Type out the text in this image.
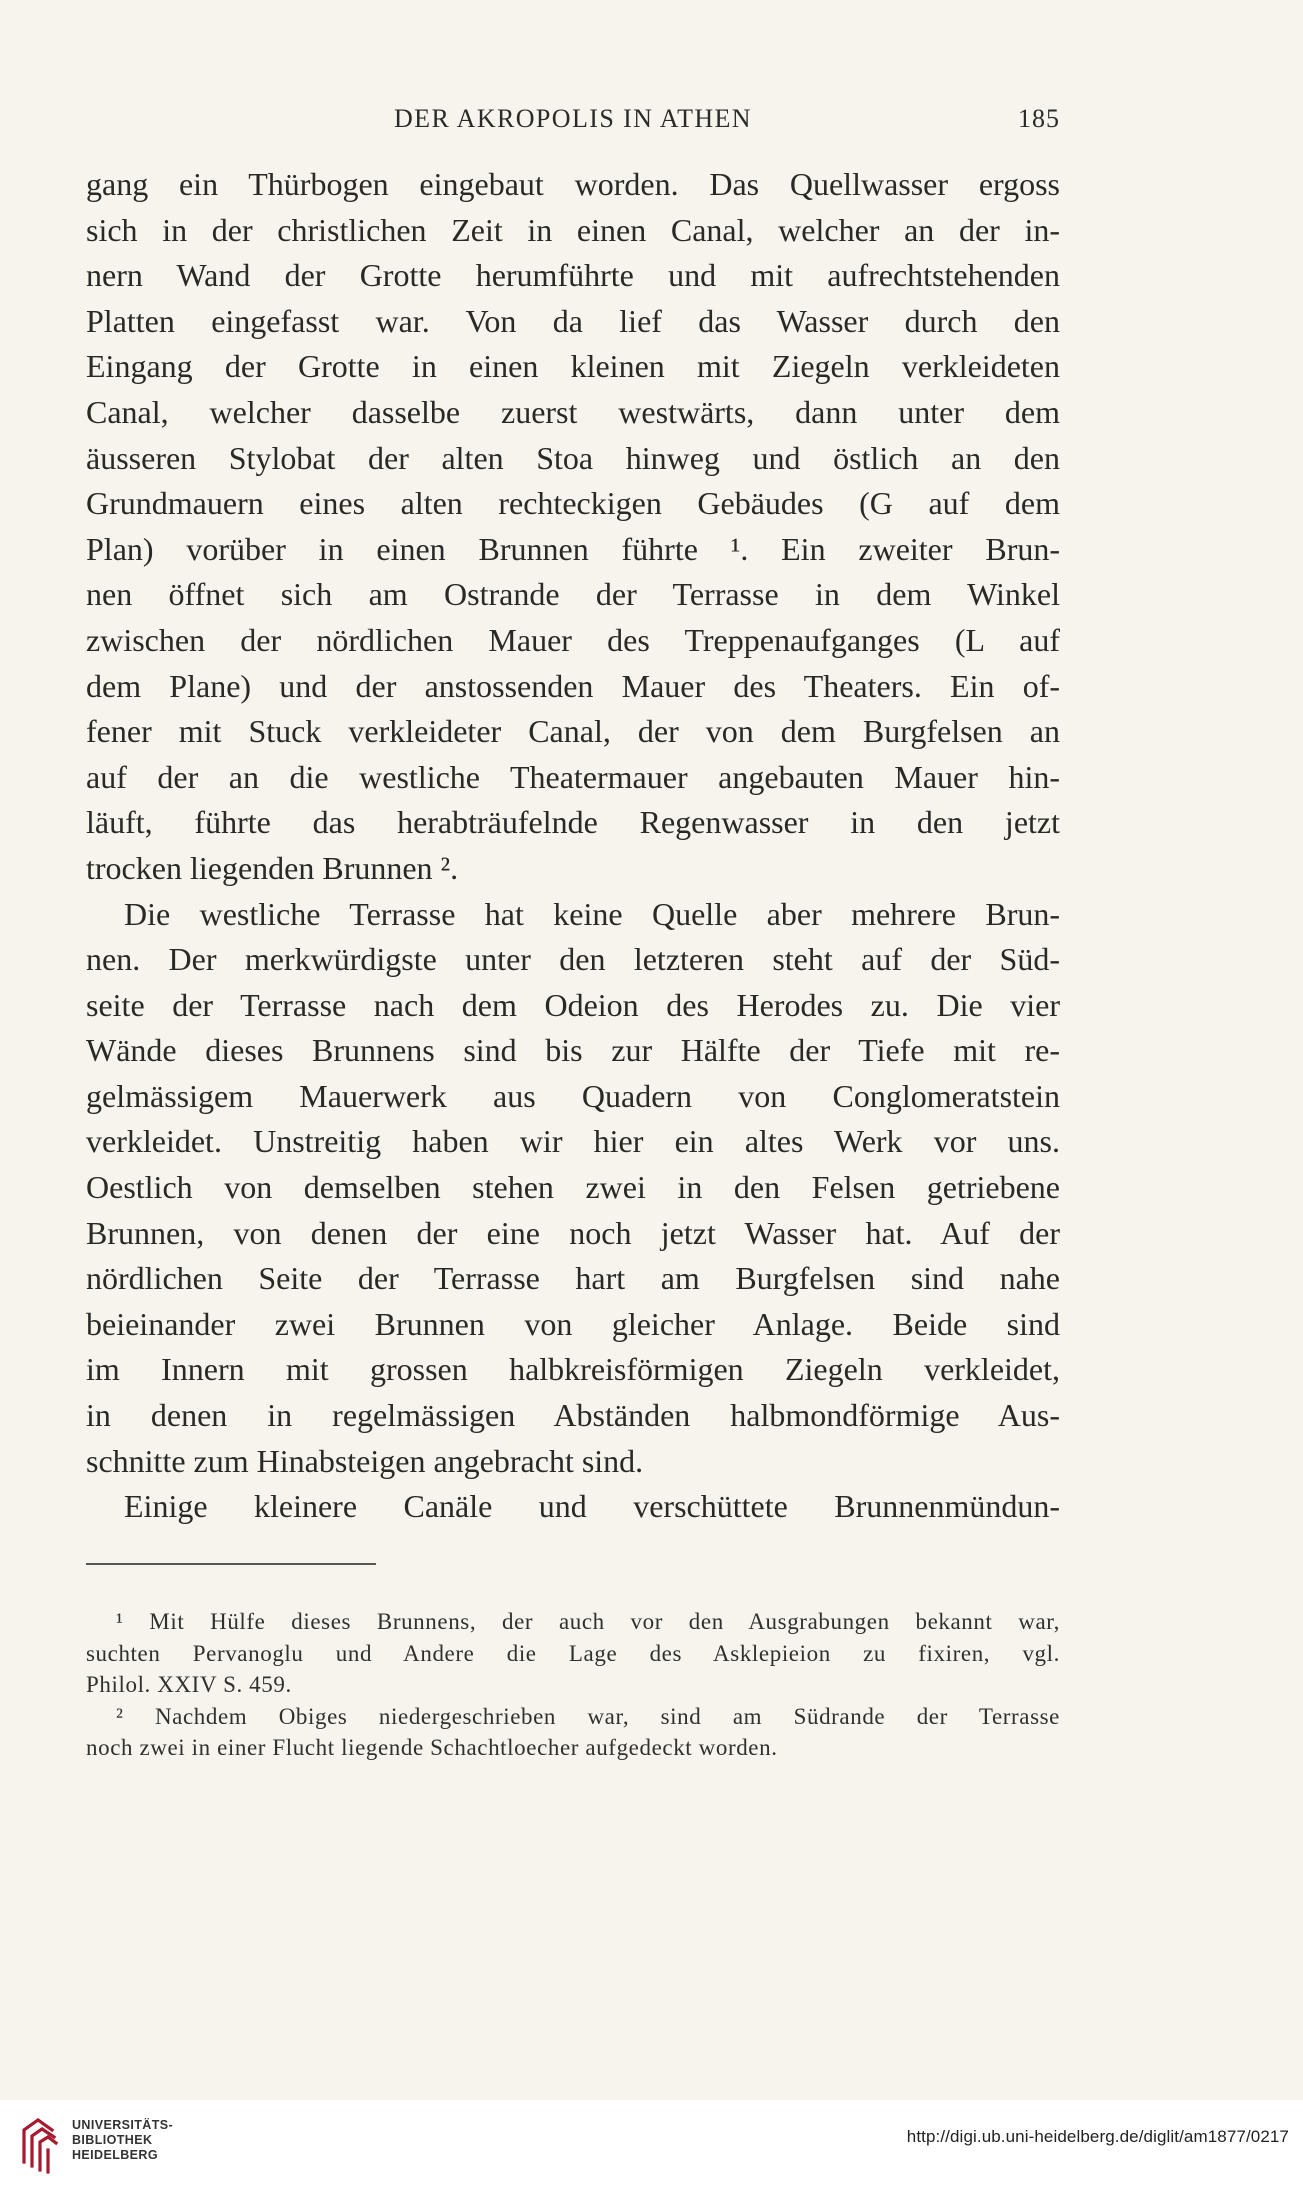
DER AKROPOLIS IN ATHEN	185
gang ein Thürbogen eingebaut worden. Das Quellwasser ergoss
sich in der christlichen Zeit in einen Canal, welcher an der in-
nern Wand der Grotte herumführte und mit aufrechtstehenden
Platten eingefasst war. Von da lief das Wasser durch den
Eingang der Grotte in einen kleinen mit Ziegeln verkleideten
Canal, welcher dasselbe zuerst westwärts, dann unter dem
äusseren Stylobat der alten Stoa hinweg und östlich an den
Grundmauern eines alten rechteckigen Gebäudes (G auf dem
Plan) vorüber in einen Brunnen führte ¹. Ein zweiter Brun-
nen öffnet sich am Ostrande der Terrasse in dem Winkel
zwischen der nördlichen Mauer des Treppenaufganges (L auf
dem Plane) und der anstossenden Mauer des Theaters. Ein of-
fener mit Stuck verkleideter Canal, der von dem Burgfelsen an
auf der an die westliche Theatermauer angebauten Mauer hin-
läuft, führte das herabträufelnde Regenwasser in den jetzt
trocken liegenden Brunnen ².
Die westliche Terrasse hat keine Quelle aber mehrere Brun-
nen. Der merkwürdigste unter den letzteren steht auf der Süd-
seite der Terrasse nach dem Odeion des Herodes zu. Die vier
Wände dieses Brunnens sind bis zur Hälfte der Tiefe mit re-
gelmässigem Mauerwerk aus Quadern von Conglomeratstein
verkleidet. Unstreitig haben wir hier ein altes Werk vor uns.
Oestlich von demselben stehen zwei in den Felsen getriebene
Brunnen, von denen der eine noch jetzt Wasser hat. Auf der
nördlichen Seite der Terrasse hart am Burgfelsen sind nahe
beieinander zwei Brunnen von gleicher Anlage. Beide sind
im Innern mit grossen halbkreisförmigen Ziegeln verkleidet,
in denen in regelmässigen Abständen halbmondförmige Aus-
schnitte zum Hinabsteigen angebracht sind.
Einige kleinere Canäle und verschüttete Brunnenmündun-
¹ Mit Hülfe dieses Brunnens, der auch vor den Ausgrabungen bekannt war,
suchten Pervanoglu und Andere die Lage des Asklepieion zu fixiren, vgl.
Philol. XXIV S. 459.
² Nachdem Obiges niedergeschrieben war, sind am Südrande der Terrasse
noch zwei in einer Flucht liegende Schachtloecher aufgedeckt worden.
UNIVERSITÄTS-
BIBLIOTHEK
HEIDELBERG
http://digi.ub.uni-heidelberg.de/diglit/am1877/0217
